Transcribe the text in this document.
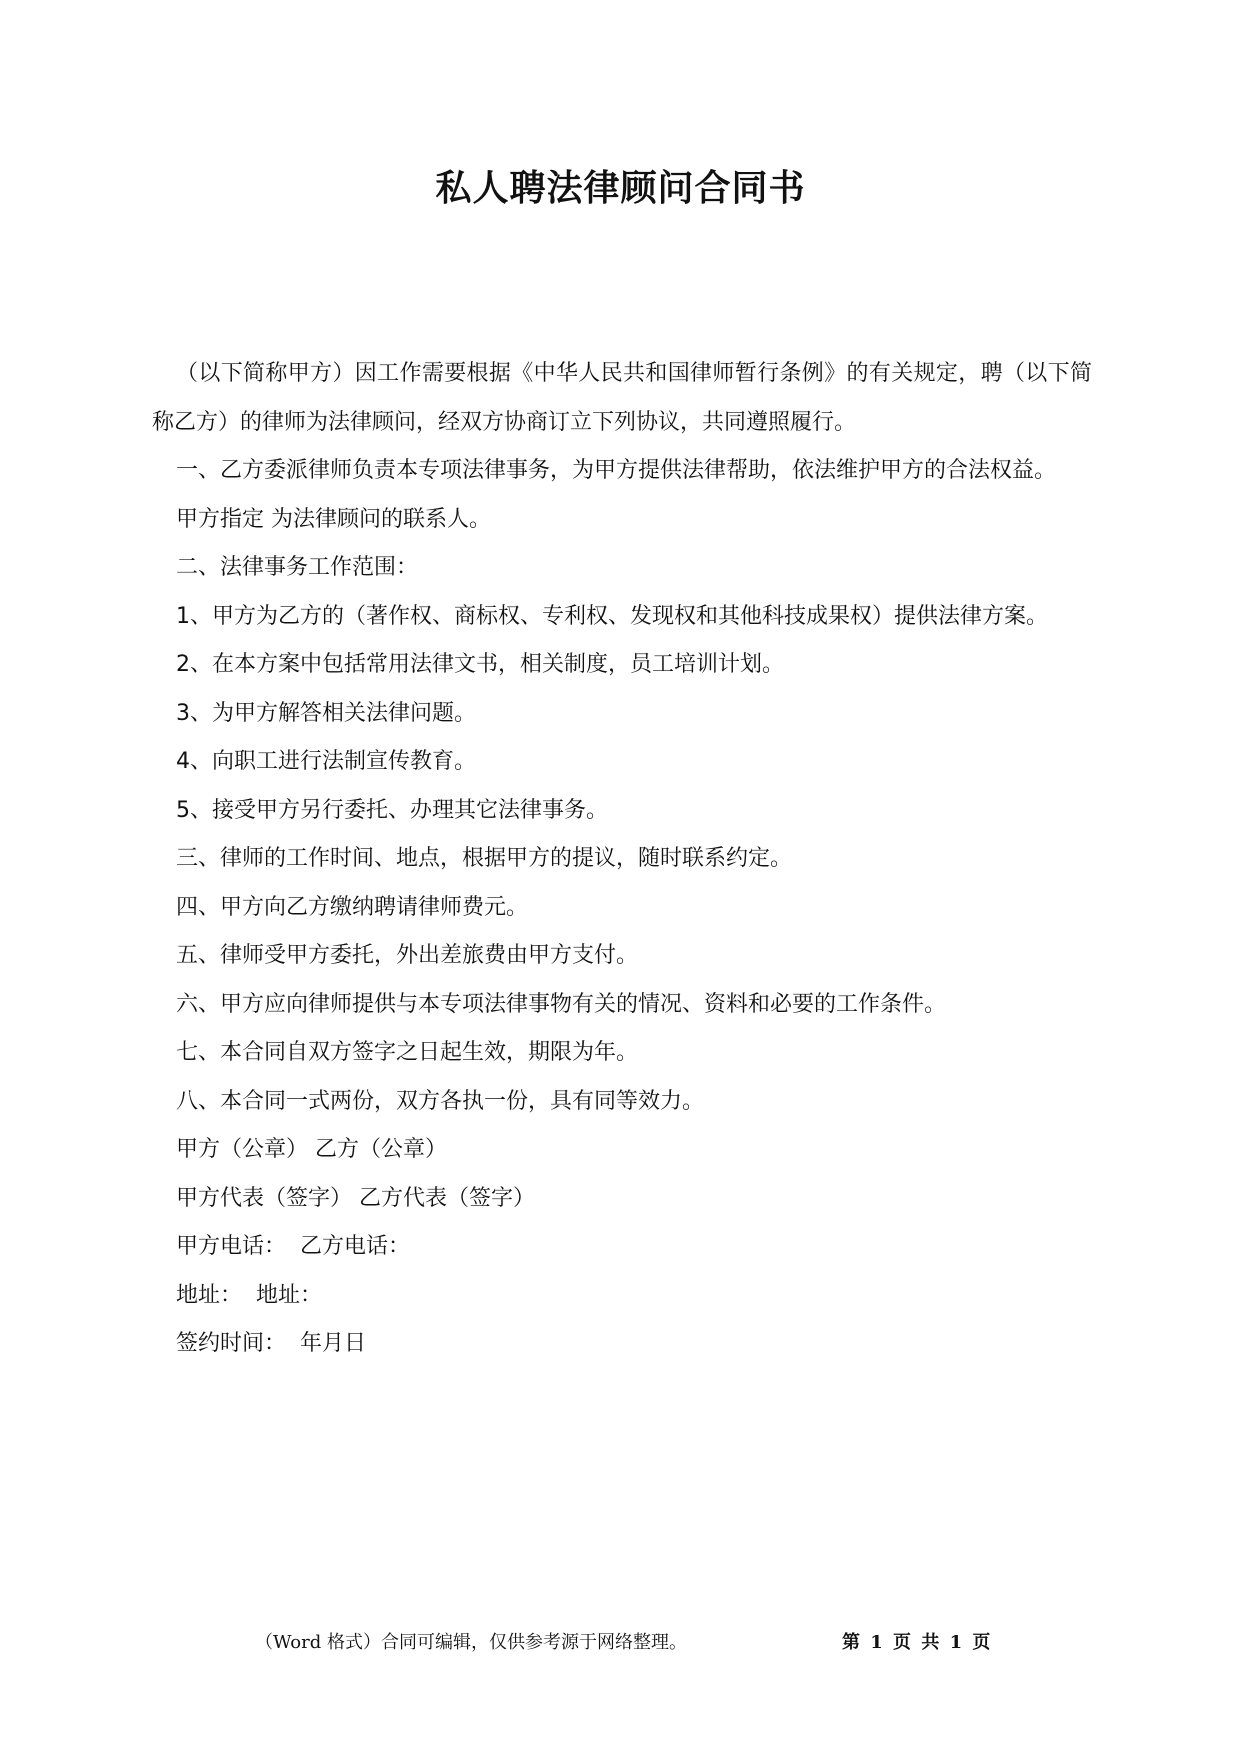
私人聘法律顾问合同书

（以下简称甲方）因工作需要根据《中华人民共和国律师暂行条例》的有关规定，聘（以下简称乙方）的律师为法律顾问，经双方协商订立下列协议，共同遵照履行。

一、乙方委派律师负责本专项法律事务，为甲方提供法律帮助，依法维护甲方的合法权益。

甲方指定 为法律顾问的联系人。

二、法律事务工作范围：

1、甲方为乙方的（著作权、商标权、专利权、发现权和其他科技成果权）提供法律方案。

2、在本方案中包括常用法律文书，相关制度，员工培训计划。

3、为甲方解答相关法律问题。

4、向职工进行法制宣传教育。

5、接受甲方另行委托、办理其它法律事务。

三、律师的工作时间、地点，根据甲方的提议，随时联系约定。

四、甲方向乙方缴纳聘请律师费元。

五、律师受甲方委托，外出差旅费由甲方支付。

六、甲方应向律师提供与本专项法律事物有关的情况、资料和必要的工作条件。

七、本合同自双方签字之日起生效，期限为年。

八、本合同一式两份，双方各执一份，具有同等效力。

甲方（公章） 乙方（公章）

甲方代表（签字） 乙方代表（签字）

甲方电话：  乙方电话：

地址：  地址：

签约时间：  年月日

（Word 格式）合同可编辑，仅供参考源于网络整理。	第 1 页 共 1 页
